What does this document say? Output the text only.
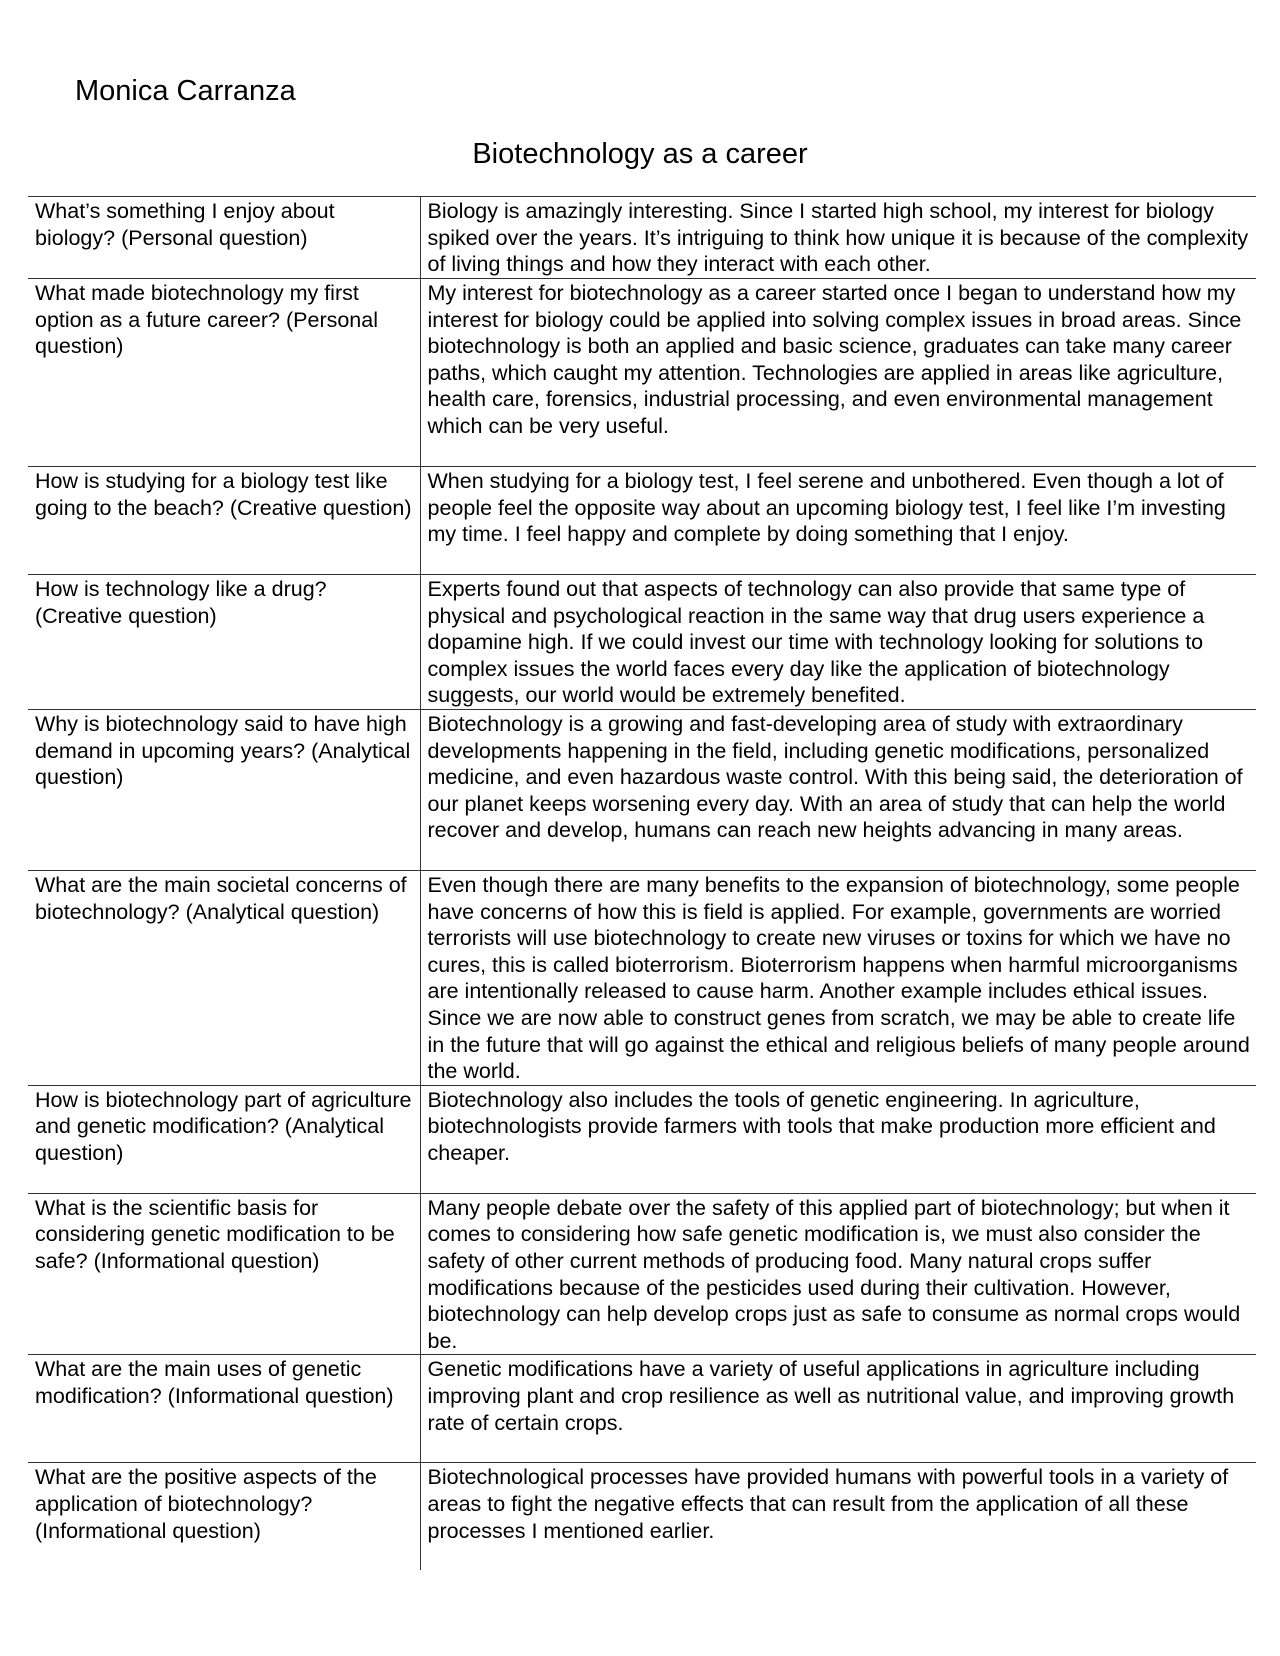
Monica Carranza
Biotechnology as a career
What’s something I enjoy about biology? (Personal question)	Biology is amazingly interesting. Since I started high school, my interest for biology spiked over the years. It’s intriguing to think how unique it is because of the complexity of living things and how they interact with each other.
What made biotechnology my first option as a future career? (Personal question)	My interest for biotechnology as a career started once I began to understand how my interest for biology could be applied into solving complex issues in broad areas. Since biotechnology is both an applied and basic science, graduates can take many career paths, which caught my attention. Technologies are applied in areas like agriculture, health care, forensics, industrial processing, and even environmental management which can be very useful.
How is studying for a biology test like going to the beach? (Creative question)	When studying for a biology test, I feel serene and unbothered. Even though a lot of people feel the opposite way about an upcoming biology test, I feel like I’m investing my time. I feel happy and complete by doing something that I enjoy.
How is technology like a drug? (Creative question)	Experts found out that aspects of technology can also provide that same type of physical and psychological reaction in the same way that drug users experience a dopamine high. If we could invest our time with technology looking for solutions to complex issues the world faces every day like the application of biotechnology suggests, our world would be extremely benefited.
Why is biotechnology said to have high demand in upcoming years? (Analytical question)	Biotechnology is a growing and fast-developing area of study with extraordinary developments happening in the field, including genetic modifications, personalized medicine, and even hazardous waste control. With this being said, the deterioration of our planet keeps worsening every day. With an area of study that can help the world recover and develop, humans can reach new heights advancing in many areas.
What are the main societal concerns of biotechnology? (Analytical question)	Even though there are many benefits to the expansion of biotechnology, some people have concerns of how this is field is applied. For example, governments are worried terrorists will use biotechnology to create new viruses or toxins for which we have no cures, this is called bioterrorism. Bioterrorism happens when harmful microorganisms are intentionally released to cause harm. Another example includes ethical issues. Since we are now able to construct genes from scratch, we may be able to create life in the future that will go against the ethical and religious beliefs of many people around the world.
How is biotechnology part of agriculture and genetic modification? (Analytical question)	Biotechnology also includes the tools of genetic engineering. In agriculture, biotechnologists provide farmers with tools that make production more efficient and cheaper.
What is the scientific basis for considering genetic modification to be safe? (Informational question)	Many people debate over the safety of this applied part of biotechnology; but when it comes to considering how safe genetic modification is, we must also consider the safety of other current methods of producing food. Many natural crops suffer modifications because of the pesticides used during their cultivation. However, biotechnology can help develop crops just as safe to consume as normal crops would be.
What are the main uses of genetic modification? (Informational question)	Genetic modifications have a variety of useful applications in agriculture including improving plant and crop resilience as well as nutritional value, and improving growth rate of certain crops.
What are the positive aspects of the application of biotechnology? (Informational question)	Biotechnological processes have provided humans with powerful tools in a variety of areas to fight the negative effects that can result from the application of all these processes I mentioned earlier.
